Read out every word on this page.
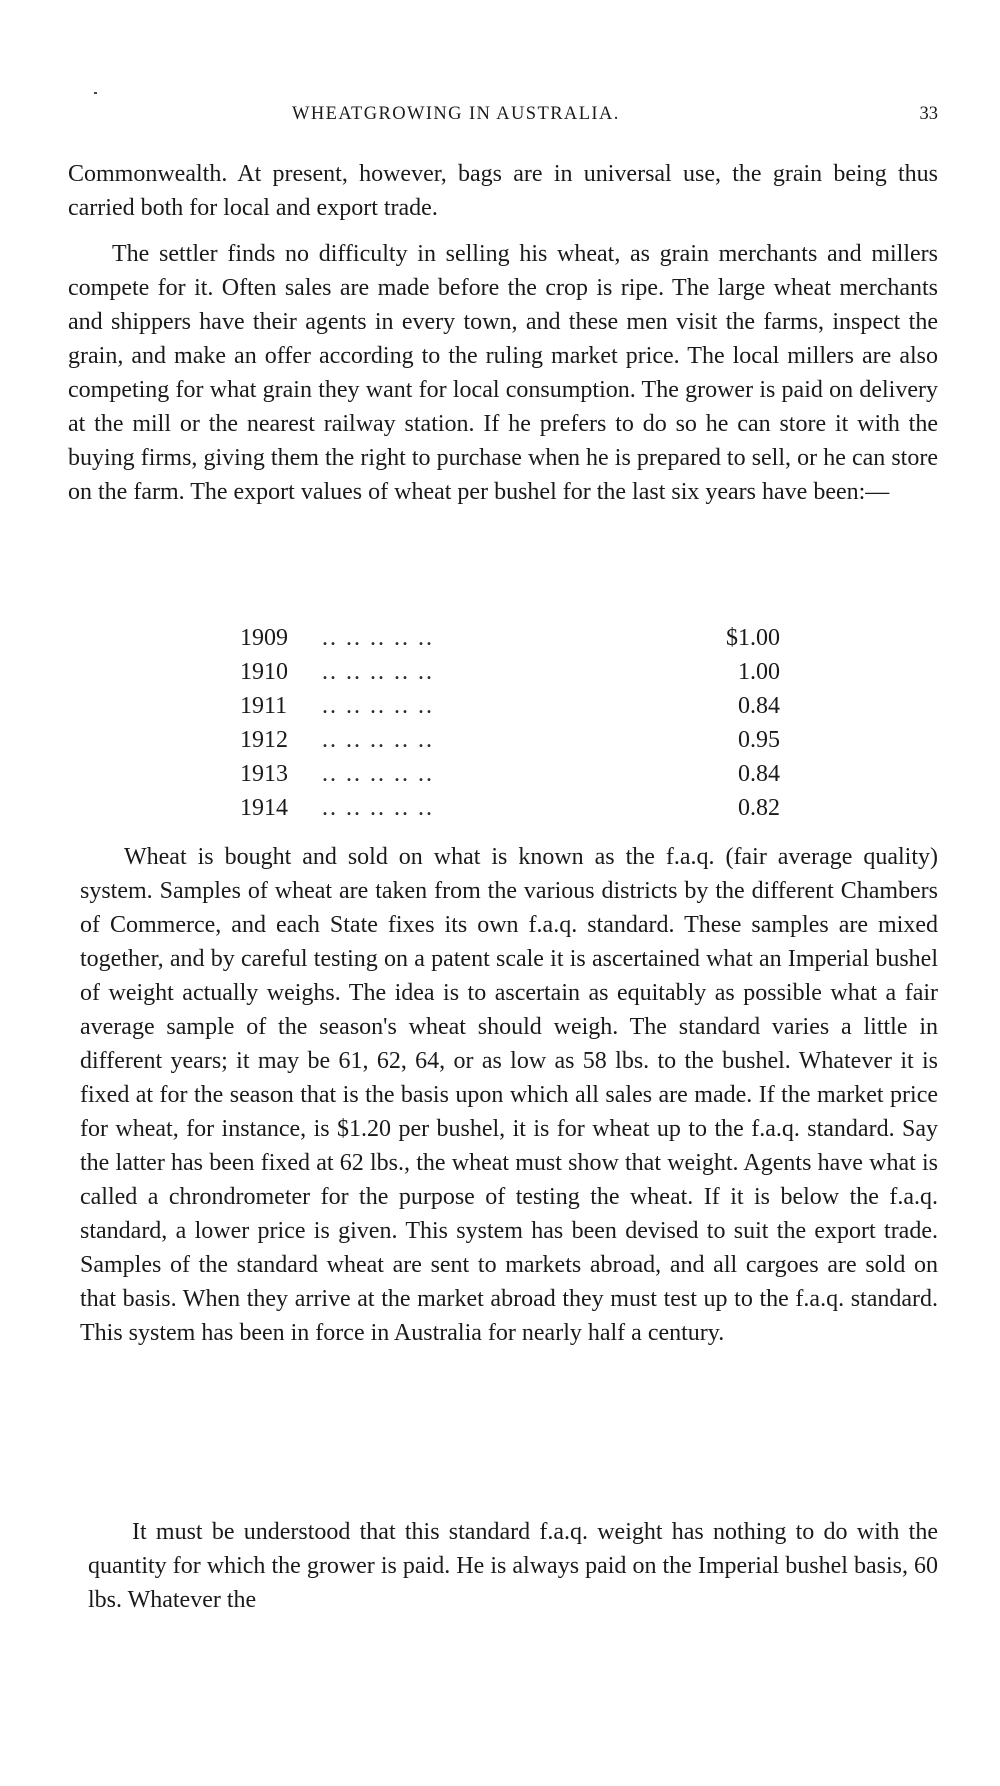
WHEATGROWING IN AUSTRALIA.	33

Commonwealth. At present, however, bags are in universal use, the grain being thus carried both for local and export trade.

The settler finds no difficulty in selling his wheat, as grain merchants and millers compete for it. Often sales are made before the crop is ripe. The large wheat merchants and shippers have their agents in every town, and these men visit the farms, inspect the grain, and make an offer according to the ruling market price. The local millers are also competing for what grain they want for local consumption. The grower is paid on delivery at the mill or the nearest railway station. If he prefers to do so he can store it with the buying firms, giving them the right to purchase when he is prepared to sell, or he can store on the farm. The export values of wheat per bushel for the last six years have been:—

1909 .. .. .. .. ..	$1.00
1910 .. .. .. .. ..	1.00
1911 .. .. .. .. ..	0.84
1912 .. .. .. .. ..	0.95
1913 .. .. .. .. ..	0.84
1914 .. .. .. .. ..	0.82

Wheat is bought and sold on what is known as the f.a.q. (fair average quality) system. Samples of wheat are taken from the various districts by the different Chambers of Commerce, and each State fixes its own f.a.q. standard. These samples are mixed together, and by careful testing on a patent scale it is ascertained what an Imperial bushel of weight actually weighs. The idea is to ascertain as equitably as possible what a fair average sample of the season's wheat should weigh. The standard varies a little in different years; it may be 61, 62, 64, or as low as 58 lbs. to the bushel. Whatever it is fixed at for the season that is the basis upon which all sales are made. If the market price for wheat, for instance, is $1.20 per bushel, it is for wheat up to the f.a.q. standard. Say the latter has been fixed at 62 lbs., the wheat must show that weight. Agents have what is called a chrondrometer for the purpose of testing the wheat. If it is below the f.a.q. standard, a lower price is given. This system has been devised to suit the export trade. Samples of the standard wheat are sent to markets abroad, and all cargoes are sold on that basis. When they arrive at the market abroad they must test up to the f.a.q. standard. This system has been in force in Australia for nearly half a century.

It must be understood that this standard f.a.q. weight has nothing to do with the quantity for which the grower is paid. He is always paid on the Imperial bushel basis, 60 lbs. Whatever the
